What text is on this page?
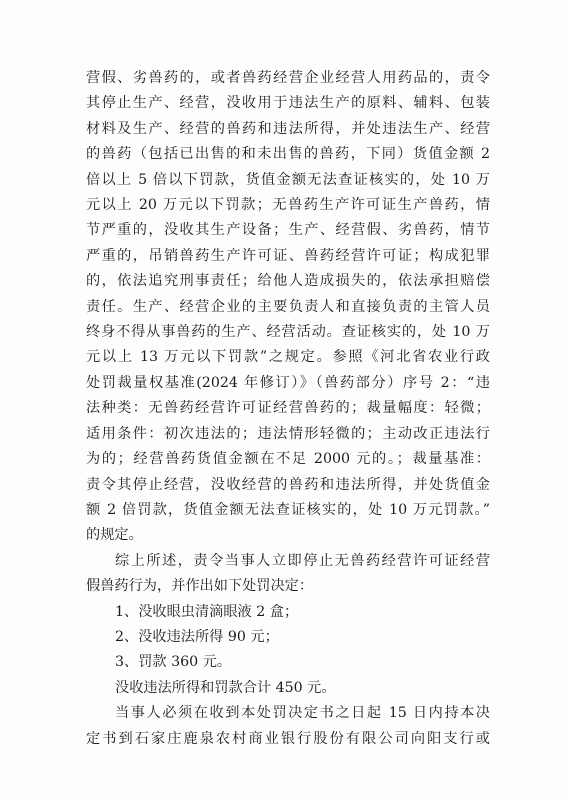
营假、劣兽药的，或者兽药经营企业经营人用药品的，责令
其停止生产、经营，没收用于违法生产的原料、辅料、包装
材料及生产、经营的兽药和违法所得，并处违法生产、经营
的兽药（包括已出售的和未出售的兽药，下同）货值金额 2
倍以上 5 倍以下罚款，货值金额无法查证核实的，处 10 万
元以上 20 万元以下罚款；无兽药生产许可证生产兽药，情
节严重的，没收其生产设备；生产、经营假、劣兽药，情节
严重的，吊销兽药生产许可证、兽药经营许可证；构成犯罪
的，依法追究刑事责任；给他人造成损失的，依法承担赔偿
责任。生产、经营企业的主要负责人和直接负责的主管人员
终身不得从事兽药的生产、经营活动。查证核实的，处 10 万
元以上 13 万元以下罚款”之规定。参照《河北省农业行政
处罚裁量权基准(2024 年修订）》（兽药部分）序号 2：“违
法种类：无兽药经营许可证经营兽药的；裁量幅度：轻微；
适用条件：初次违法的；违法情形轻微的；主动改正违法行
为的；经营兽药货值金额在不足 2000 元的。；裁量基准：
责令其停止经营，没收经营的兽药和违法所得，并处货值金
额 2 倍罚款，货值金额无法查证核实的，处 10 万元罚款。”
的规定。
综上所述，责令当事人立即停止无兽药经营许可证经营
假兽药行为，并作出如下处罚决定：
1、没收眼虫清滴眼液 2 盒；
2、没收违法所得 90 元；
3、罚款 360 元。
没收违法所得和罚款合计 450 元。
当事人必须在收到本处罚决定书之日起 15 日内持本决
定书到石家庄鹿泉农村商业银行股份有限公司向阳支行或
